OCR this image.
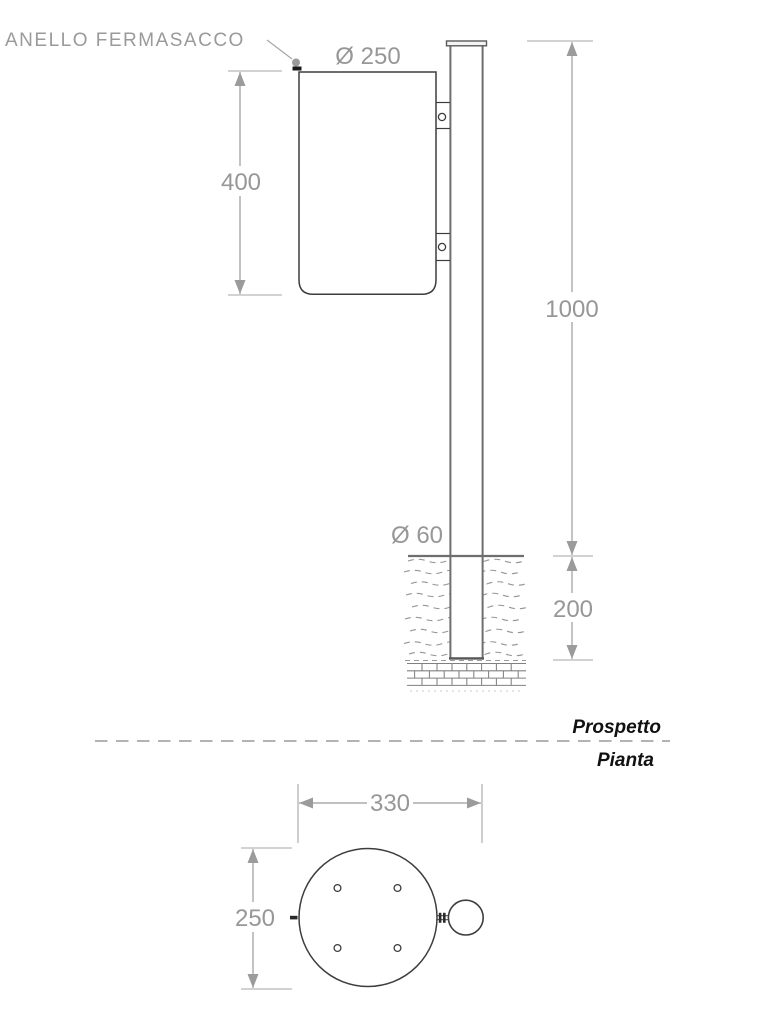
ANELLO FERMASACCO
Ø 250
400
1000
Ø 60
200
Prospetto
Pianta
330
250
